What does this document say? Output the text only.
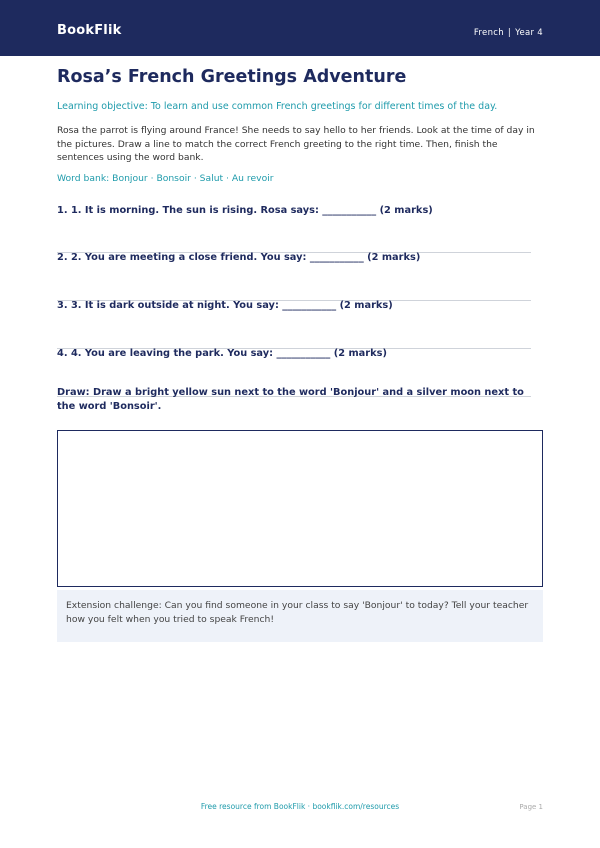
BookFlik	French | Year 4
Rosa’s French Greetings Adventure
Learning objective: To learn and use common French greetings for different times of the day.
Rosa the parrot is flying around France! She needs to say hello to her friends. Look at the time of day in the pictures. Draw a line to match the correct French greeting to the right time. Then, finish the sentences using the word bank.
Word bank: Bonjour · Bonsoir · Salut · Au revoir
1. 1. It is morning. The sun is rising. Rosa says: ___________ (2 marks)
2. 2. You are meeting a close friend. You say: ___________ (2 marks)
3. 3. It is dark outside at night. You say: ___________ (2 marks)
4. 4. You are leaving the park. You say: ___________ (2 marks)
Draw: Draw a bright yellow sun next to the word 'Bonjour' and a silver moon next to the word 'Bonsoir'.
Extension challenge: Can you find someone in your class to say 'Bonjour' to today? Tell your teacher how you felt when you tried to speak French!
Free resource from BookFlik · bookflik.com/resources	Page 1
